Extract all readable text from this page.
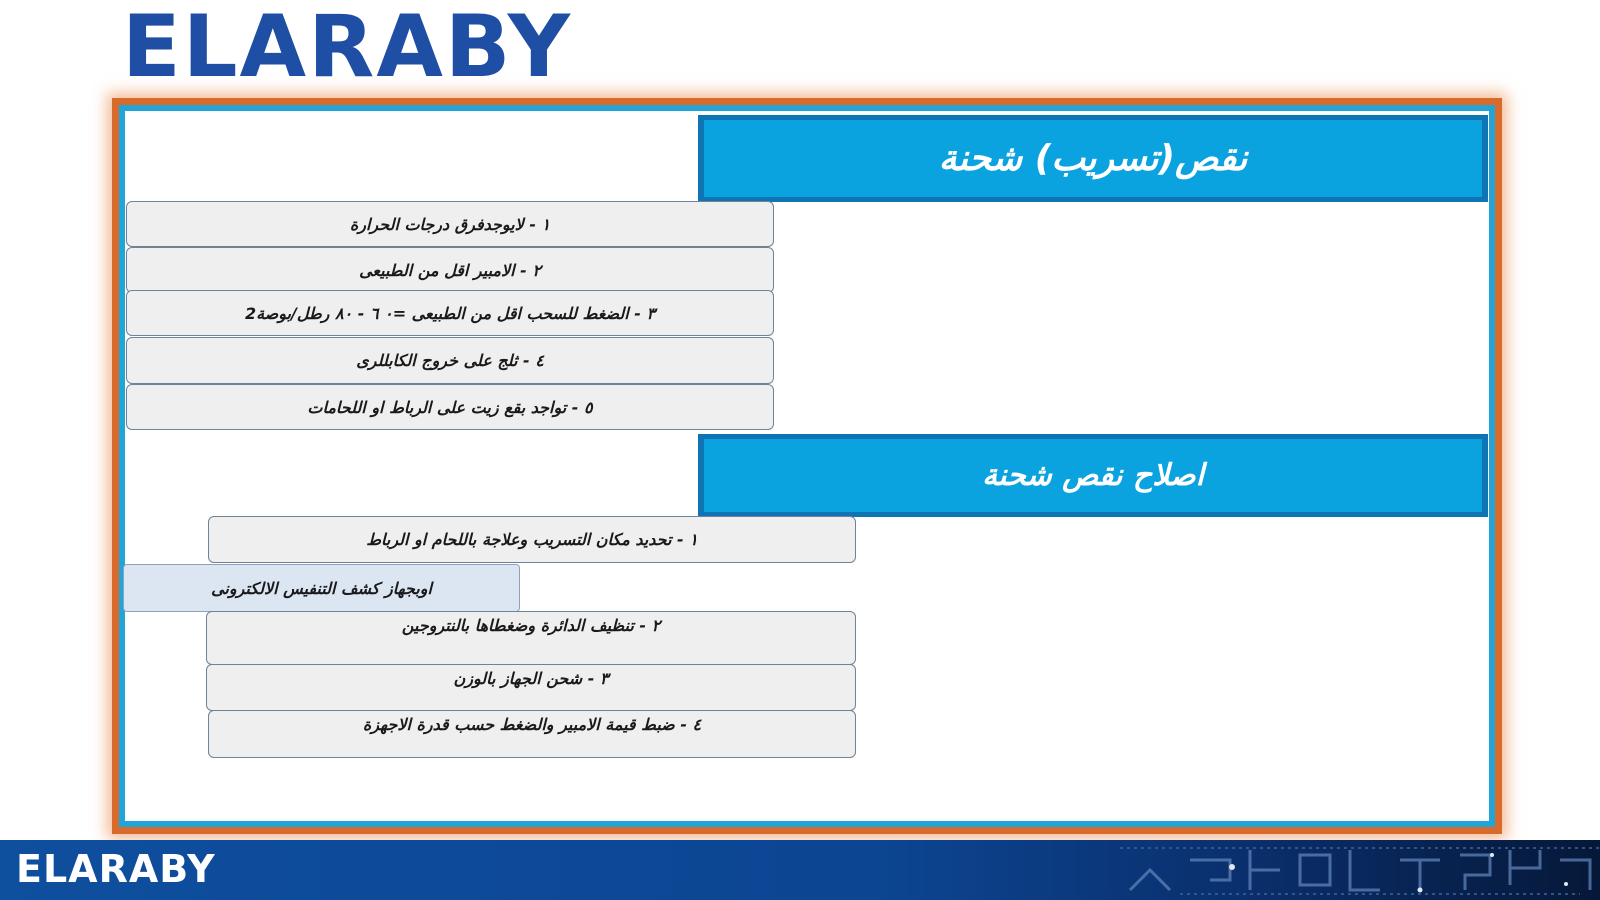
ELARABY
نقص(تسريب) شحنة
١ - لايوجدفرق درجات الحرارة
٢ - الامبير اقل من الطبيعى
٣ - الضغط للسحب اقل من الطبيعى =٠ ٦ - ٨٠ رطل/بوصة2
٤ - ثلج على خروج الكابللرى
٥ - تواجد بقع زيت على الرباط او اللحامات
اصلاح نقص شحنة
١ - تحديد مكان التسريب وعلاجة باللحام او الرباط
اوبجهاز كشف التنفيس الالكترونى
٢ - تنظيف الدائرة وضغطاها بالنتروجين
٣ - شحن الجهاز بالوزن
٤ - ضبط قيمة الامبير والضغط حسب قدرة الاجهزة
ELARABY
